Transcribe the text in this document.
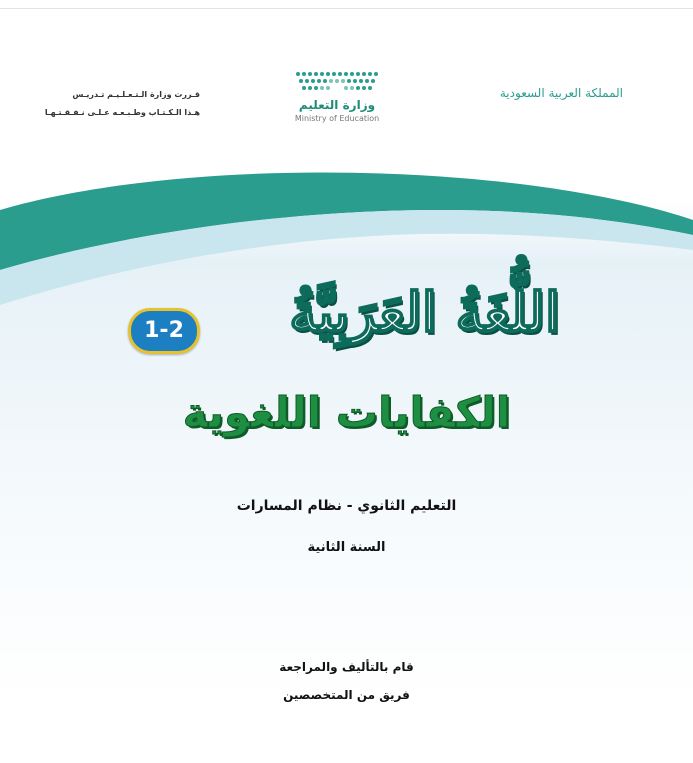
المملكة العربية السعودية
وزارة التعليم
Ministry of Education
قـررت وزارة الـتـعـلـيـم تـدريـس
هـذا الـكـتـاب وطـبـعـه عـلـى نـفـقـتـهـا
اللُّغَةُ العَرَبِيَّةُ
1-2
الكفايات اللغوية
التعليم الثانوي - نظام المسارات
السنة الثانية
قام بالتأليف والمراجعة
فريق من المتخصصين
